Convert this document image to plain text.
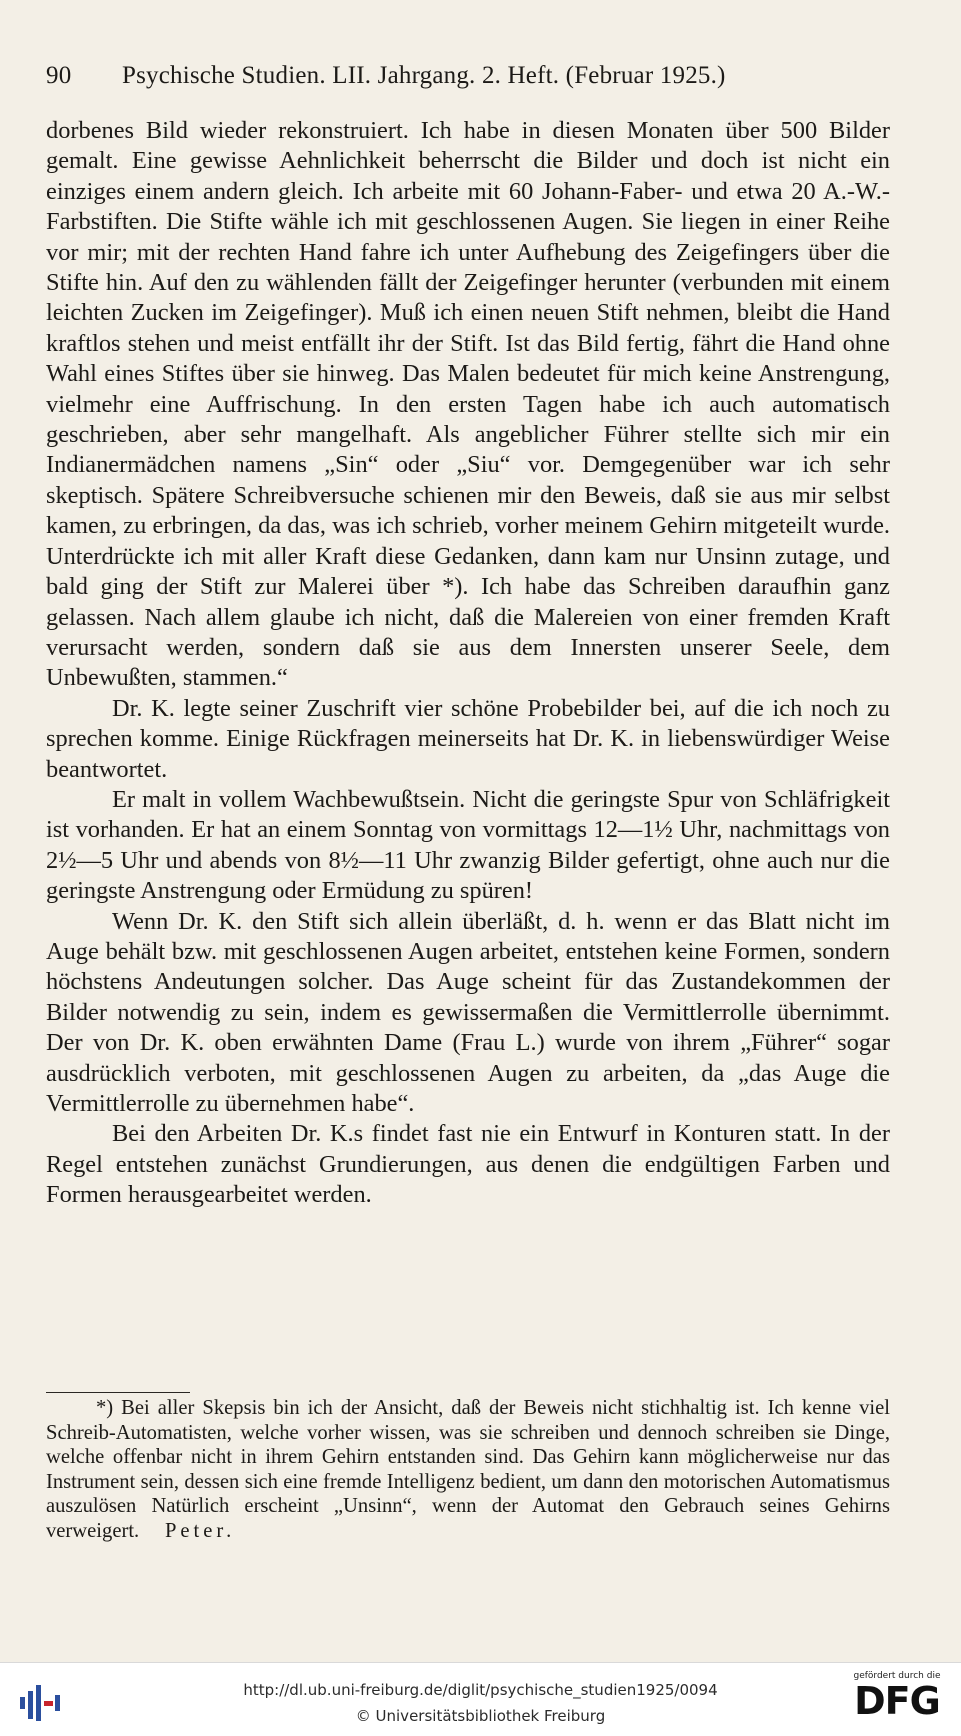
90 Psychische Studien. LII. Jahrgang. 2. Heft. (Februar 1925.)

dorbenes Bild wieder rekonstruiert. Ich habe in diesen Monaten über 500 Bilder gemalt. Eine gewisse Aehnlichkeit beherrscht die Bilder und doch ist nicht ein einziges einem andern gleich. Ich arbeite mit 60 Johann-Faber- und etwa 20 A.-W.-Farbstiften. Die Stifte wähle ich mit geschlossenen Augen. Sie liegen in einer Reihe vor mir; mit der rechten Hand fahre ich unter Aufhebung des Zeigefingers über die Stifte hin. Auf den zu wählenden fällt der Zeigefinger herunter (verbunden mit einem leichten Zucken im Zeigefinger). Muß ich einen neuen Stift nehmen, bleibt die Hand kraftlos stehen und meist entfällt ihr der Stift. Ist das Bild fertig, fährt die Hand ohne Wahl eines Stiftes über sie hinweg. Das Malen bedeutet für mich keine Anstrengung, vielmehr eine Auffrischung. In den ersten Tagen habe ich auch automatisch geschrieben, aber sehr mangelhaft. Als angeblicher Führer stellte sich mir ein Indianermädchen namens „Sin“ oder „Siu“ vor. Demgegenüber war ich sehr skeptisch. Spätere Schreibversuche schienen mir den Beweis, daß sie aus mir selbst kamen, zu erbringen, da das, was ich schrieb, vorher meinem Gehirn mitgeteilt wurde. Unterdrückte ich mit aller Kraft diese Gedanken, dann kam nur Unsinn zutage, und bald ging der Stift zur Malerei über *). Ich habe das Schreiben daraufhin ganz gelassen. Nach allem glaube ich nicht, daß die Malereien von einer fremden Kraft verursacht werden, sondern daß sie aus dem Innersten unserer Seele, dem Unbewußten, stammen.“

Dr. K. legte seiner Zuschrift vier schöne Probebilder bei, auf die ich noch zu sprechen komme. Einige Rückfragen meinerseits hat Dr. K. in liebenswürdiger Weise beantwortet.

Er malt in vollem Wachbewußtsein. Nicht die geringste Spur von Schläfrigkeit ist vorhanden. Er hat an einem Sonntag von vormittags 12—1½ Uhr, nachmittags von 2½—5 Uhr und abends von 8½—11 Uhr zwanzig Bilder gefertigt, ohne auch nur die geringste Anstrengung oder Ermüdung zu spüren!

Wenn Dr. K. den Stift sich allein überläßt, d. h. wenn er das Blatt nicht im Auge behält bzw. mit geschlossenen Augen arbeitet, entstehen keine Formen, sondern höchstens Andeutungen solcher. Das Auge scheint für das Zustandekommen der Bilder notwendig zu sein, indem es gewissermaßen die Vermittlerrolle übernimmt. Der von Dr. K. oben erwähnten Dame (Frau L.) wurde von ihrem „Führer“ sogar ausdrücklich verboten, mit geschlossenen Augen zu arbeiten, da „das Auge die Vermittlerrolle zu übernehmen habe“.

Bei den Arbeiten Dr. K.s findet fast nie ein Entwurf in Konturen statt. In der Regel entstehen zunächst Grundierungen, aus denen die endgültigen Farben und Formen herausgearbeitet werden.

*) Bei aller Skepsis bin ich der Ansicht, daß der Beweis nicht stichhaltig ist. Ich kenne viel Schreib-Automatisten, welche vorher wissen, was sie schreiben und dennoch schreiben sie Dinge, welche offenbar nicht in ihrem Gehirn entstanden sind. Das Gehirn kann möglicherweise nur das Instrument sein, dessen sich eine fremde Intelligenz bedient, um dann den motorischen Automatismus auszulösen Natürlich erscheint „Unsinn“, wenn der Automat den Gebrauch seines Gehirns verweigert. Peter.

http://dl.ub.uni-freiburg.de/diglit/psychische_studien1925/0094
© Universitätsbibliothek Freiburg
gefördert durch die
DFG
